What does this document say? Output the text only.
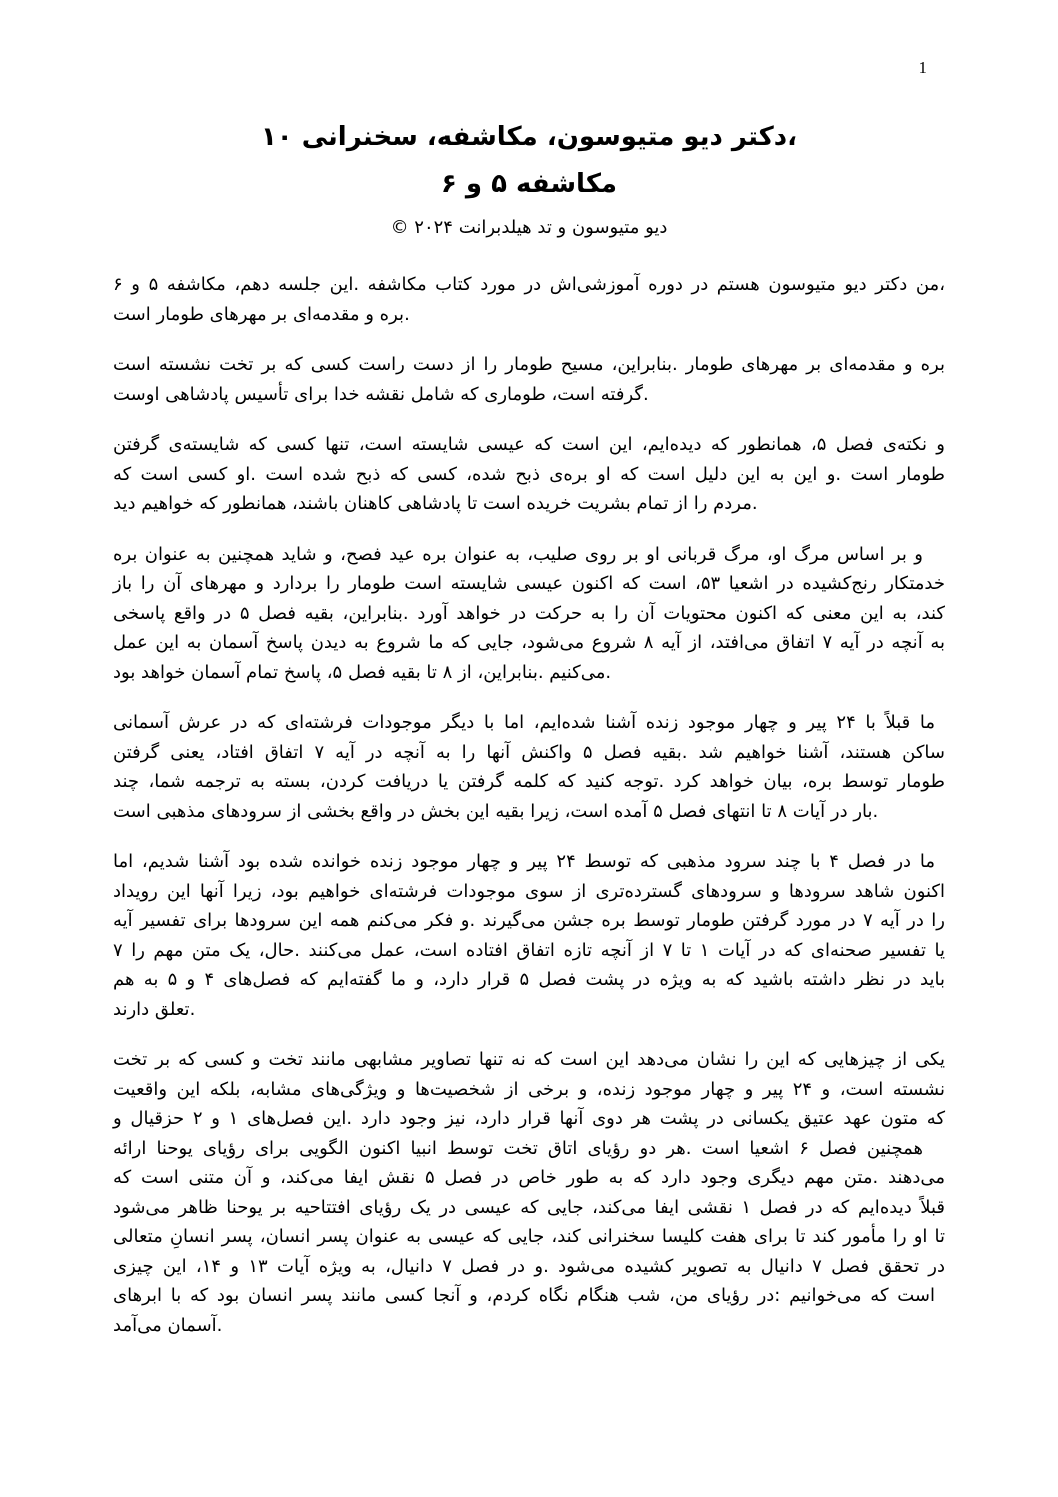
1
دکتر دیو متیوسون، مکاشفه، سخنرانی ۱۰،
مکاشفه ۵ و ۶
© ۲۰۲۴ دیو متیوسون و تد هیلدبرانت

من دکتر دیو متیوسون هستم در دوره آموزشی‌اش در مورد کتاب مکاشفه .این جلسه دهم، مکاشفه ۵ و ۶،
بره و مقدمه‌ای بر مهرهای طومار است.

بره و مقدمه‌ای بر مهرهای طومار .بنابراین، مسیح طومار را از دست راست کسی که بر تخت نشسته است
گرفته است، طوماری که شامل نقشه خدا برای تأسیس پادشاهی اوست.

و نکته‌ی فصل ۵، همانطور که دیده‌ایم، این است که عیسی شایسته است، تنها کسی که شایسته‌ی گرفتن
طومار است .و این به این دلیل است که او بره‌ی ذبح شده، کسی که ذبح شده است .او کسی است که
مردم را از تمام بشریت خریده است تا پادشاهی کاهنان باشند، همانطور که خواهیم دید.

و بر اساس مرگ او، مرگ قربانی او بر روی صلیب، به عنوان بره عید فصح، و شاید همچنین به عنوان بره
خدمتکار رنج‌کشیده در اشعیا ۵۳، است که اکنون عیسی شایسته است طومار را بردارد و مهرهای آن را باز
کند، به این معنی که اکنون محتویات آن را به حرکت در خواهد آورد .بنابراین، بقیه فصل ۵ در واقع پاسخی
به آنچه در آیه ۷ اتفاق می‌افتد، از آیه ۸ شروع می‌شود، جایی که ما شروع به دیدن پاسخ آسمان به این عمل
می‌کنیم .بنابراین، از ۸ تا بقیه فصل ۵، پاسخ تمام آسمان خواهد بود.

ما قبلاً با ۲۴ پیر و چهار موجود زنده آشنا شده‌ایم، اما با دیگر موجودات فرشته‌ای که در عرش آسمانی
ساکن هستند، آشنا خواهیم شد .بقیه فصل ۵ واکنش آنها را به آنچه در آیه ۷ اتفاق افتاد، یعنی گرفتن
طومار توسط بره، بیان خواهد کرد .توجه کنید که کلمه گرفتن یا دریافت کردن، بسته به ترجمه شما، چند
بار در آیات ۸ تا انتهای فصل ۵ آمده است، زیرا بقیه این بخش در واقع بخشی از سرودهای مذهبی است.

ما در فصل ۴ با چند سرود مذهبی که توسط ۲۴ پیر و چهار موجود زنده خوانده شده بود آشنا شدیم، اما
اکنون شاهد سرودها و سرودهای گسترده‌تری از سوی موجودات فرشته‌ای خواهیم بود، زیرا آنها این رویداد
را در آیه ۷ در مورد گرفتن طومار توسط بره جشن می‌گیرند .و فکر می‌کنم همه این سرودها برای تفسیر آیه
۷ یا تفسیر صحنه‌ای که در آیات ۱ تا ۷ از آنچه تازه اتفاق افتاده است، عمل می‌کنند .حال، یک متن مهم را
باید در نظر داشته باشید که به ویژه در پشت فصل ۵ قرار دارد، و ما گفته‌ایم که فصل‌های ۴ و ۵ به هم
تعلق دارند.

یکی از چیزهایی که این را نشان می‌دهد این است که نه تنها تصاویر مشابهی مانند تخت و کسی که بر تخت
نشسته است، و ۲۴ پیر و چهار موجود زنده، و برخی از شخصیت‌ها و ویژگی‌های مشابه، بلکه این واقعیت
که متون عهد عتیق یکسانی در پشت هر دوی آنها قرار دارد، نیز وجود دارد .این فصل‌های ۱ و ۲ حزقیال و
همچنین فصل ۶ اشعیا است .هر دو رؤیای اتاق تخت توسط انبیا اکنون الگویی برای رؤیای یوحنا ارائه
می‌دهند .متن مهم دیگری وجود دارد که به طور خاص در فصل ۵ نقش ایفا می‌کند، و آن متنی است که
قبلاً دیده‌ایم که در فصل ۱ نقشی ایفا می‌کند، جایی که عیسی در یک رؤیای افتتاحیه بر یوحنا ظاهر می‌شود
تا او را مأمور کند تا برای هفت کلیسا سخنرانی کند، جایی که عیسی به عنوان پسر انسان، پسر انسانِ متعالی
در تحقق فصل ۷ دانیال به تصویر کشیده می‌شود .و در فصل ۷ دانیال، به ویژه آیات ۱۳ و ۱۴، این چیزی
است که می‌خوانیم :در رؤیای من، شب هنگام نگاه کردم، و آنجا کسی مانند پسر انسان بود که با ابرهای
آسمان می‌آمد.
